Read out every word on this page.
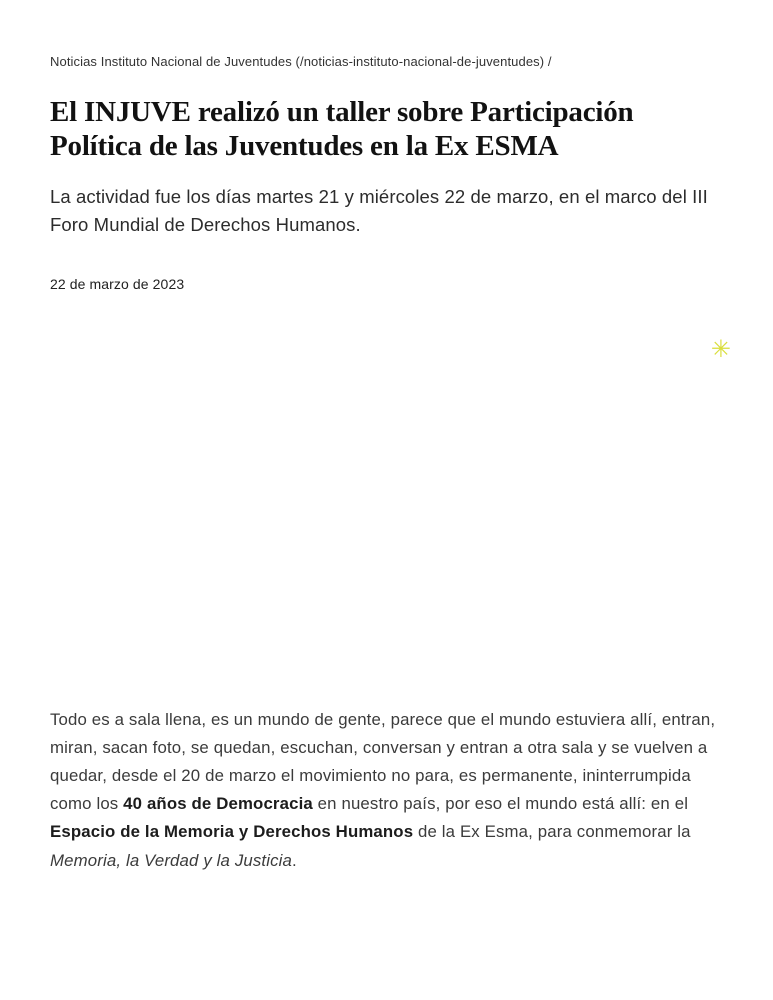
Noticias Instituto Nacional de Juventudes (/noticias-instituto-nacional-de-juventudes) /
El INJUVE realizó un taller sobre Participación Política de las Juventudes en la Ex ESMA

La actividad fue los días martes 21 y miércoles 22 de marzo, en el marco del III Foro Mundial de Derechos Humanos.

22 de marzo de 2023
✳

Todo es a sala llena, es un mundo de gente, parece que el mundo estuviera allí, entran, miran, sacan foto, se quedan, escuchan, conversan y entran a otra sala y se vuelven a quedar, desde el 20 de marzo el movimiento no para, es permanente, ininterrumpida como los 40 años de Democracia en nuestro país, por eso el mundo está allí: en el Espacio de la Memoria y Derechos Humanos de la Ex Esma, para conmemorar la Memoria, la Verdad y la Justicia.
